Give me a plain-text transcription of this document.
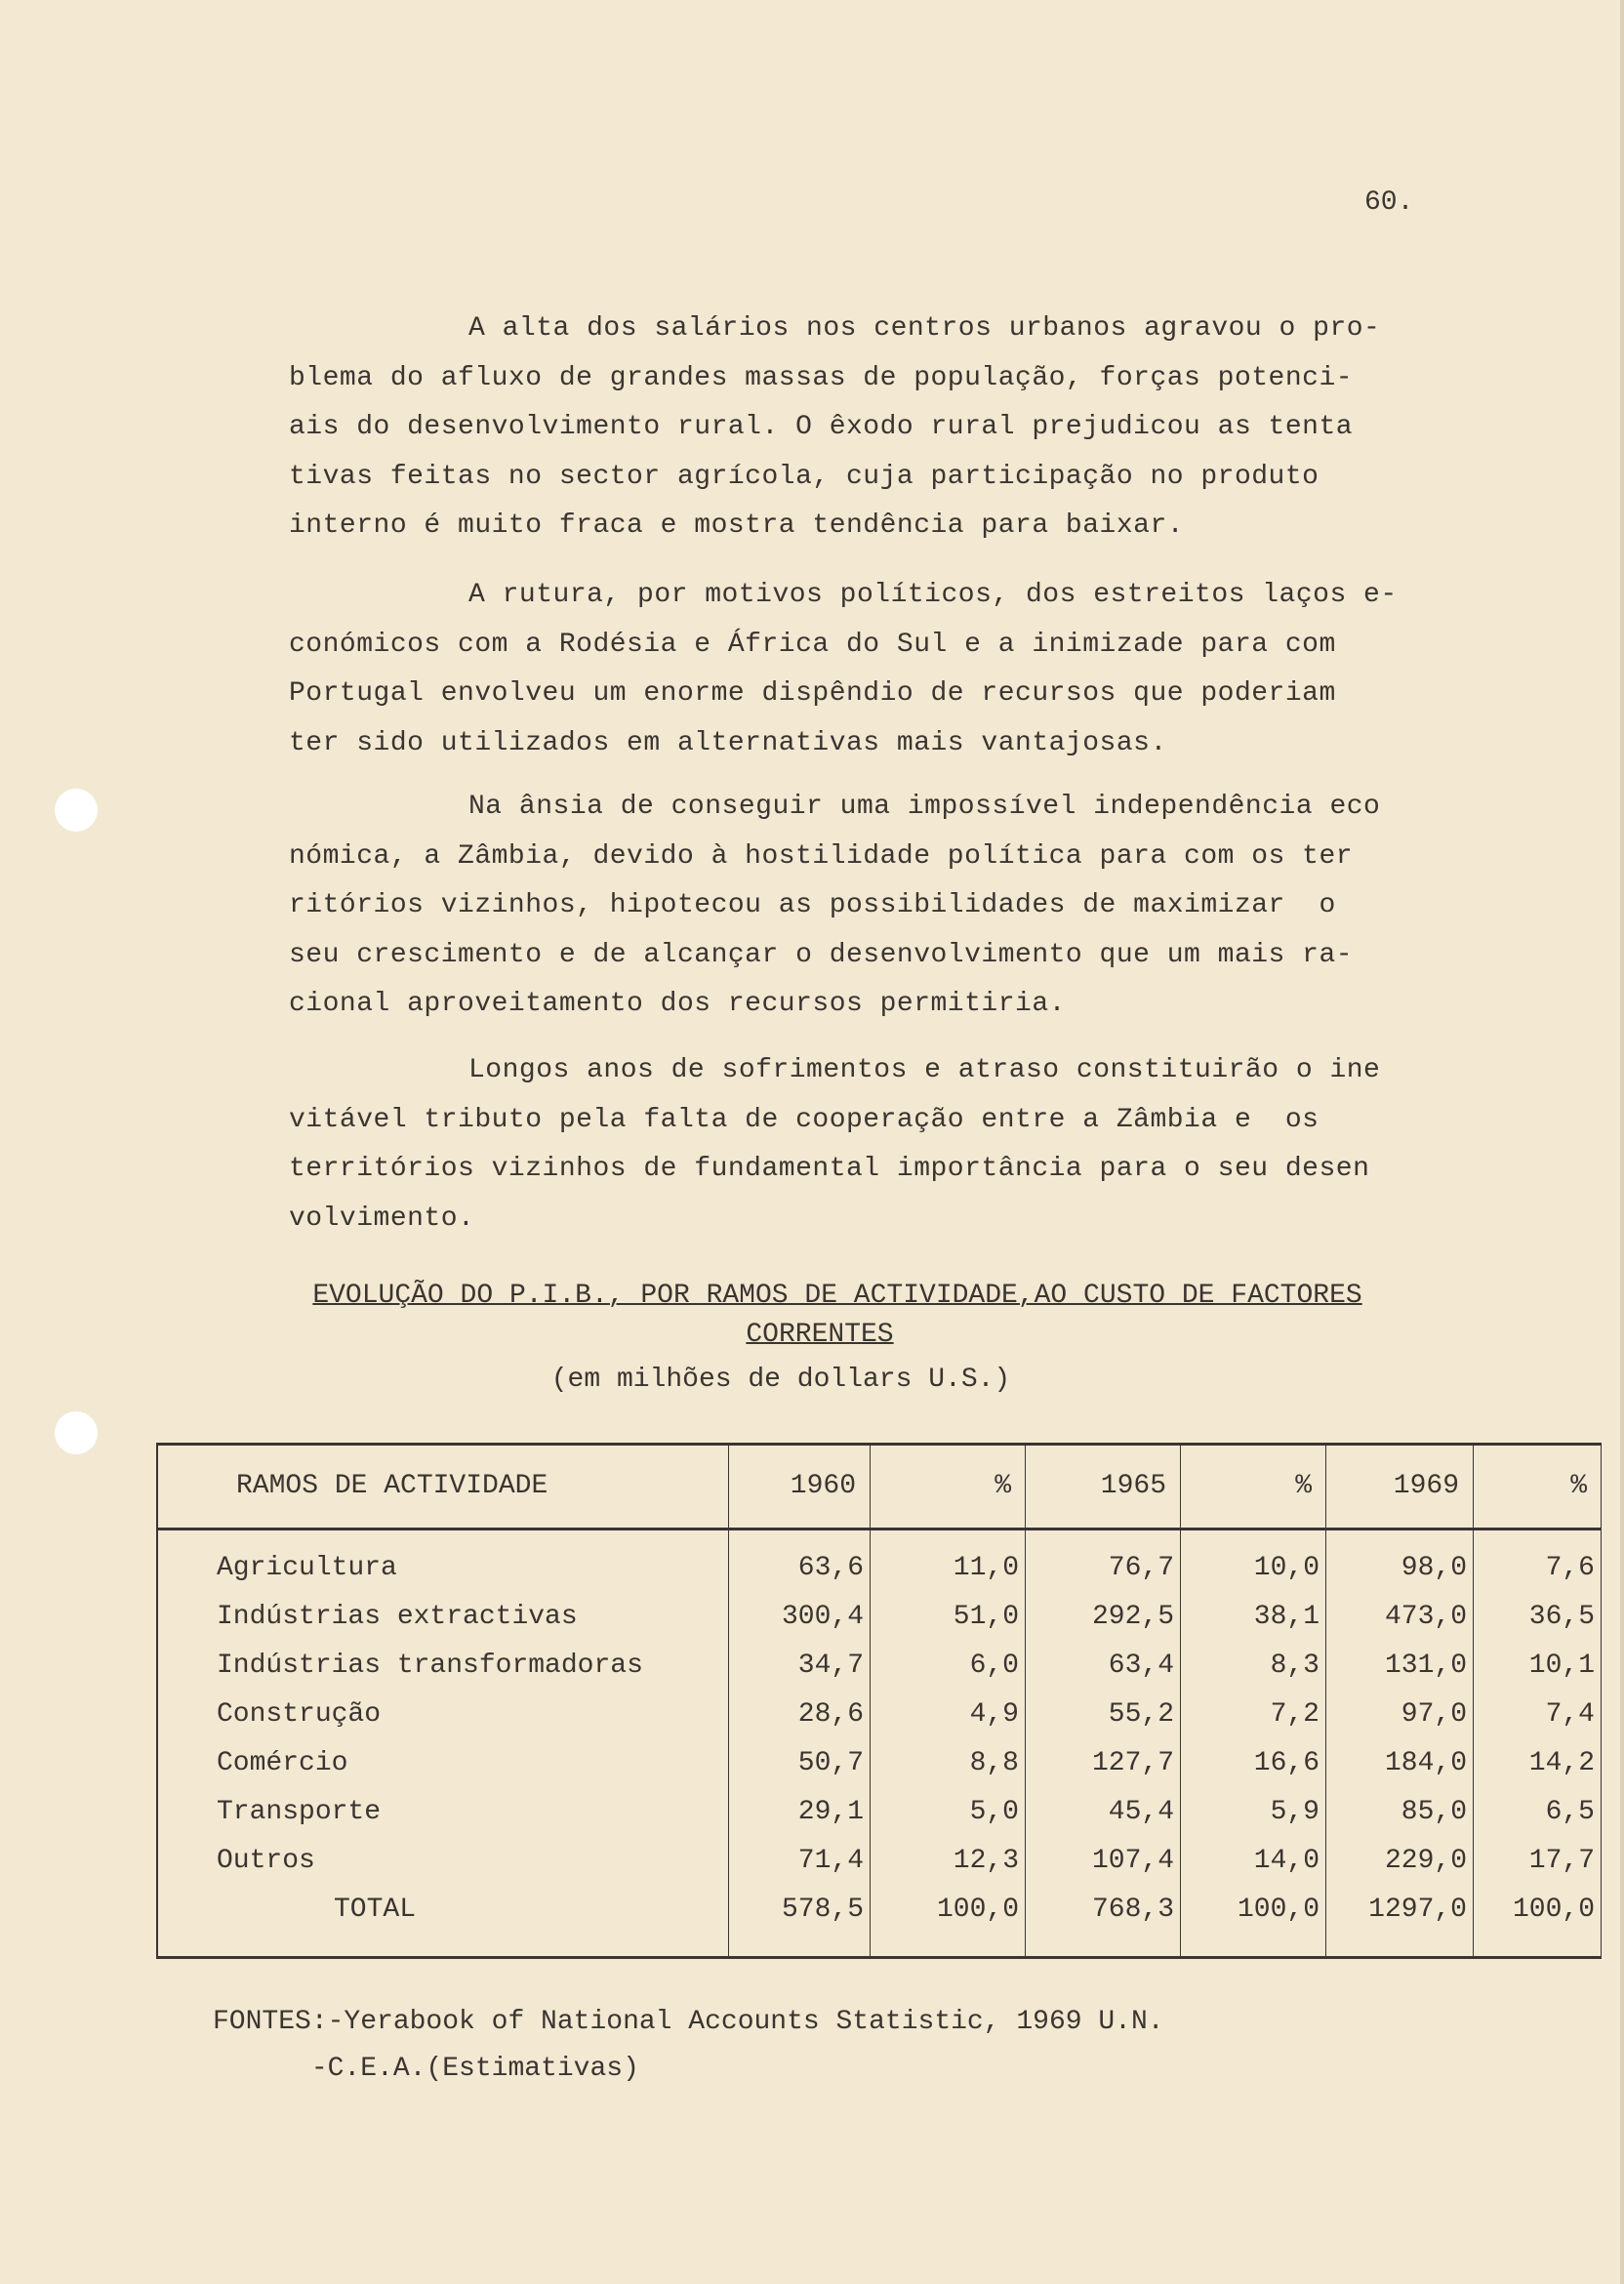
60.
A alta dos salários nos centros urbanos agravou o pro-
blema do afluxo de grandes massas de população, forças potenci-
ais do desenvolvimento rural. O êxodo rural prejudicou as tenta
tivas feitas no sector agrícola, cuja participação no produto
interno é muito fraca e mostra tendência para baixar.
A rutura, por motivos políticos, dos estreitos laços e-
conómicos com a Rodésia e África do Sul e a inimizade para com
Portugal envolveu um enorme dispêndio de recursos que poderiam
ter sido utilizados em alternativas mais vantajosas.
Na ânsia de conseguir uma impossível independência eco
nómica, a Zâmbia, devido à hostilidade política para com os ter
ritórios vizinhos, hipotecou as possibilidades de maximizar  o
seu crescimento e de alcançar o desenvolvimento que um mais ra-
cional aproveitamento dos recursos permitiria.
Longos anos de sofrimentos e atraso constituirão o ine
vitável tributo pela falta de cooperação entre a Zâmbia e  os
territórios vizinhos de fundamental importância para o seu desen
volvimento.
EVOLUÇÃO DO P.I.B., POR RAMOS DE ACTIVIDADE,AO CUSTO DE FACTORES
CORRENTES
(em milhões de dollars U.S.)
RAMOS DE ACTIVIDADE	1960	%	1965	%	1969	%
Agricultura	63,6	11,0	76,7	10,0	98,0	7,6
Indústrias extractivas	300,4	51,0	292,5	38,1	473,0	36,5
Indústrias transformadoras	34,7	6,0	63,4	8,3	131,0	10,1
Construção	28,6	4,9	55,2	7,2	97,0	7,4
Comércio	50,7	8,8	127,7	16,6	184,0	14,2
Transporte	29,1	5,0	45,4	5,9	85,0	6,5
Outros	71,4	12,3	107,4	14,0	229,0	17,7
TOTAL	578,5	100,0	768,3	100,0	1297,0	100,0
FONTES:-Yerabook of National Accounts Statistic, 1969 U.N.
-C.E.A.(Estimativas)
